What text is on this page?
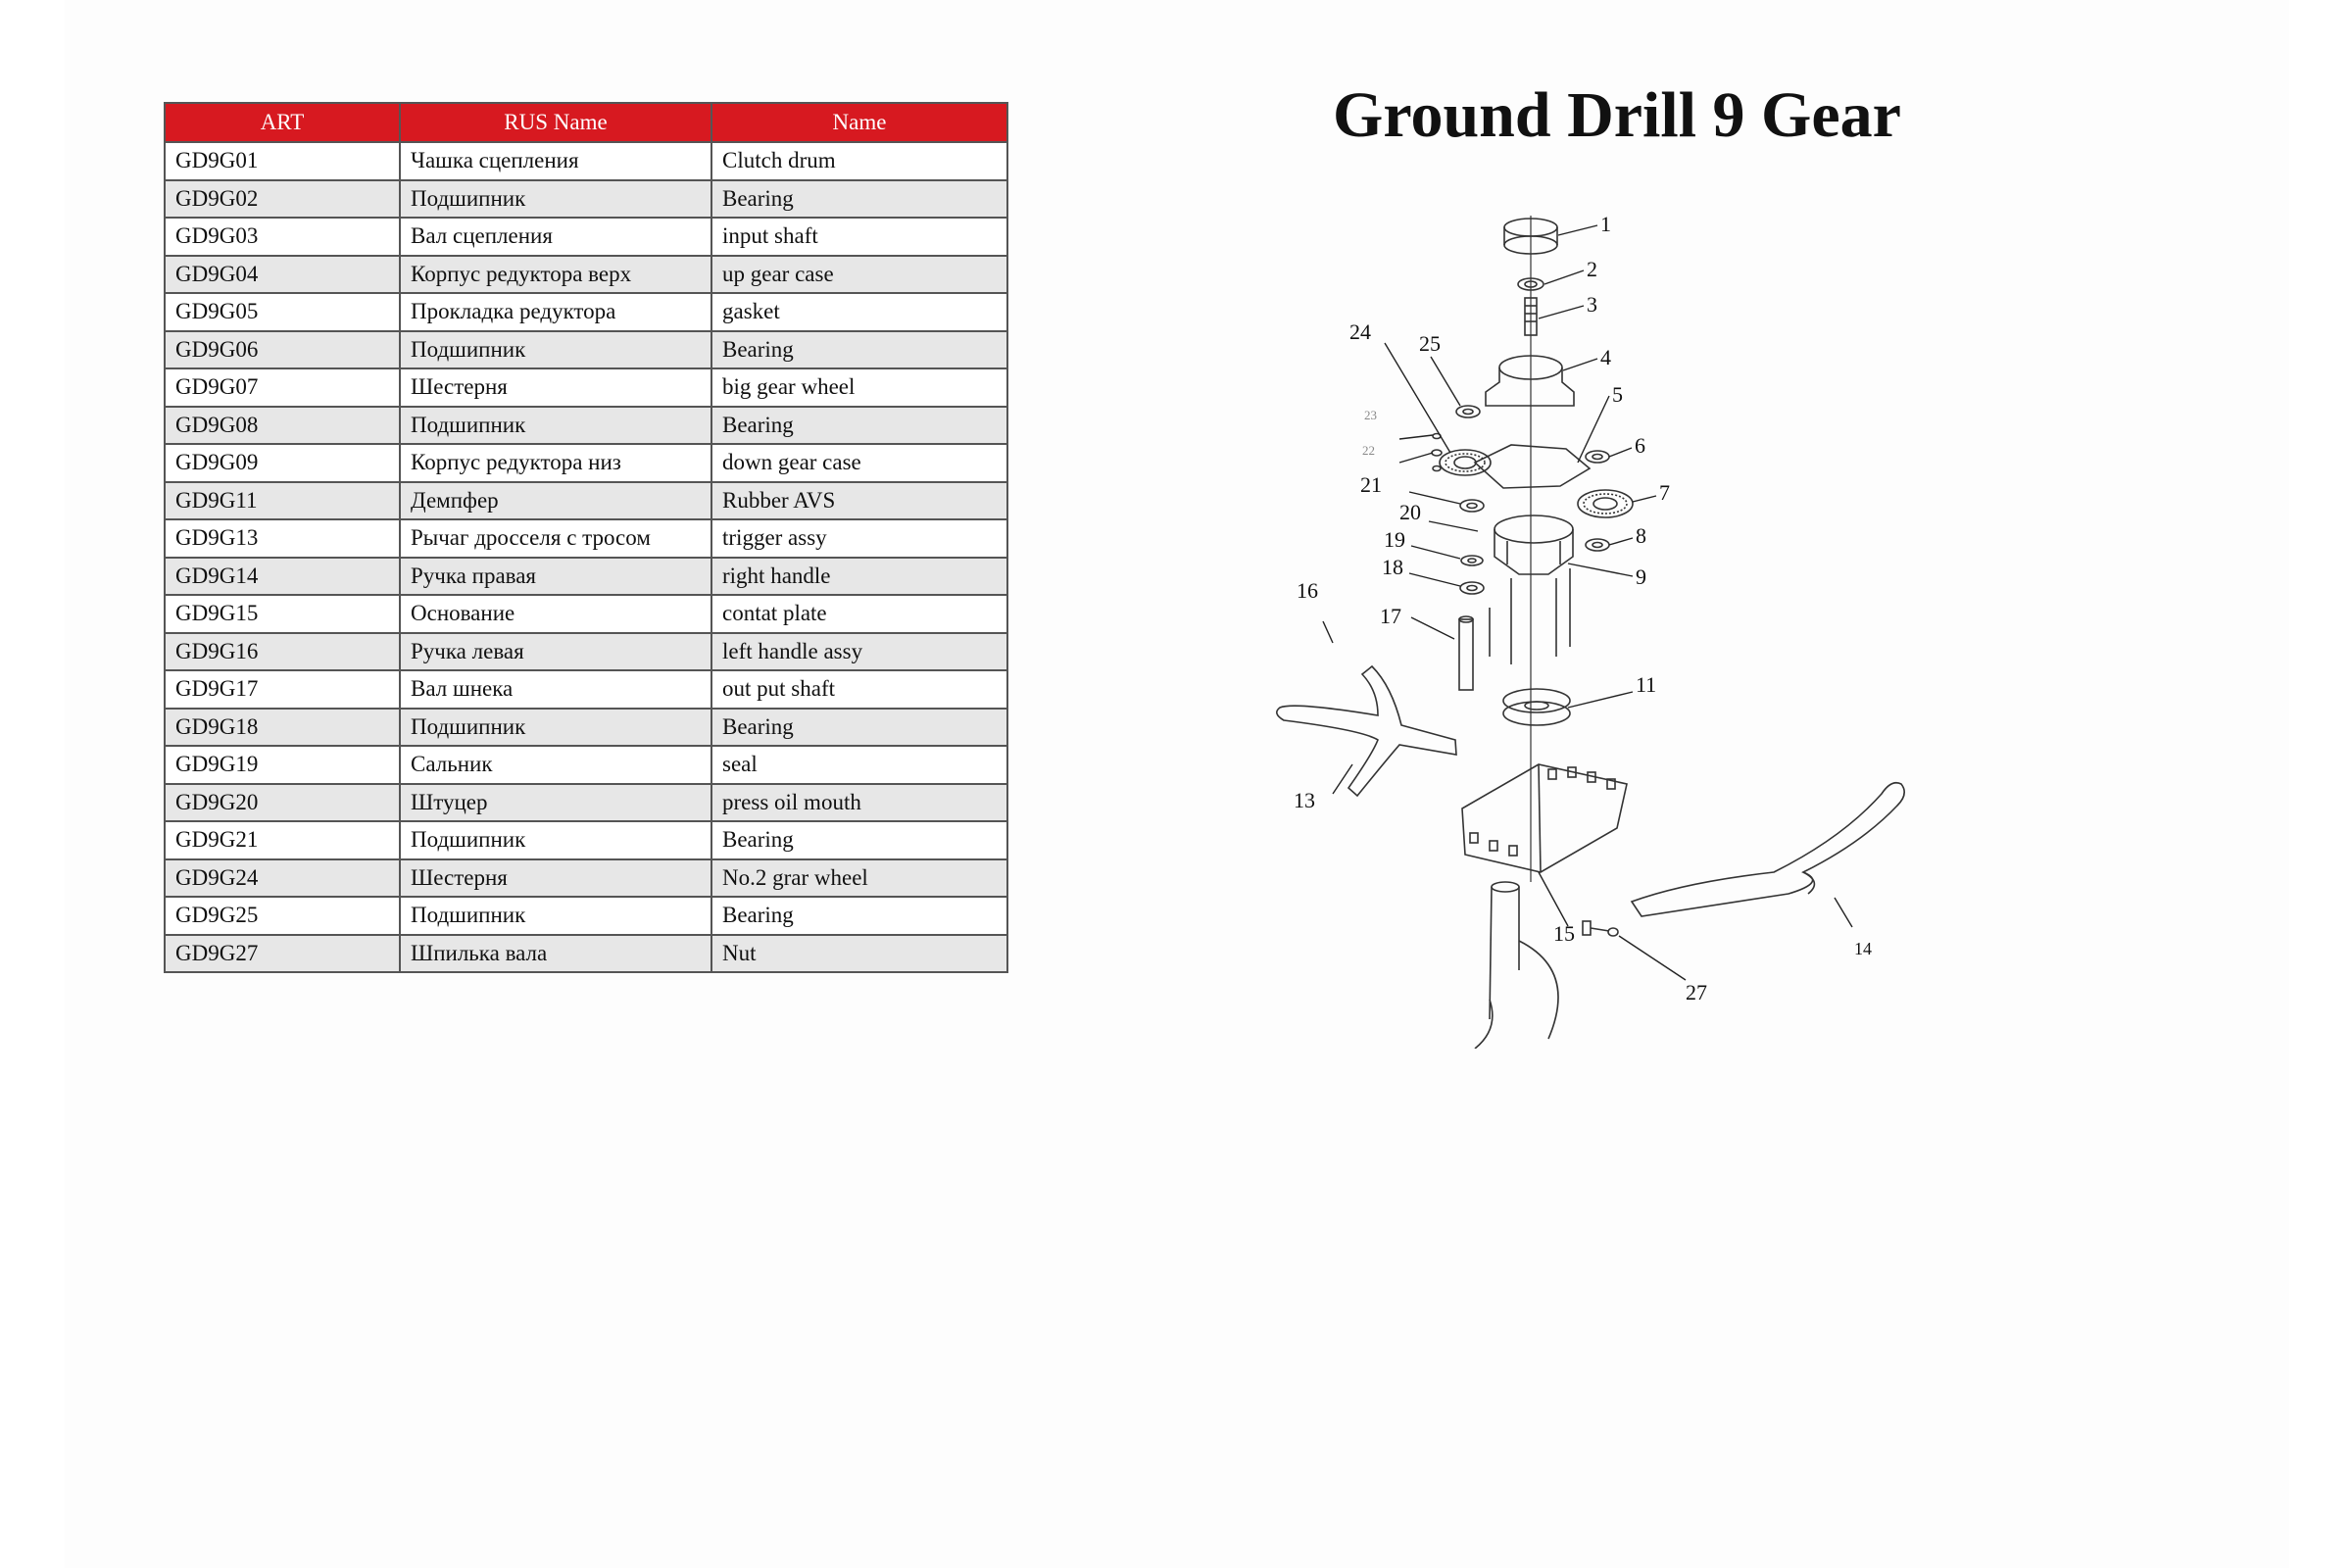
ART	RUS Name	Name
GD9G01	Чашка сцепления	Clutch drum
GD9G02	Подшипник	Bearing
GD9G03	Вал сцепления	input shaft
GD9G04	Корпус редуктора верх	up gear case
GD9G05	Прокладка редуктора	gasket
GD9G06	Подшипник	Bearing
GD9G07	Шестерня	big gear wheel
GD9G08	Подшипник	Bearing
GD9G09	Корпус редуктора низ	down gear case
GD9G11	Демпфер	Rubber AVS
GD9G13	Рычаг дросселя с тросом	trigger assy
GD9G14	Ручка правая	right handle
GD9G15	Основание	contat plate
GD9G16	Ручка левая	left handle assy
GD9G17	Вал шнека	out put shaft
GD9G18	Подшипник	Bearing
GD9G19	Сальник	seal
GD9G20	Штуцер	press oil mouth
GD9G21	Подшипник	Bearing
GD9G24	Шестерня	No.2 grar wheel
GD9G25	Подшипник	Bearing
GD9G27	Шпилька вала	Nut
Ground Drill 9 Gear
1
2
3
4
5
6
7
8
9
11
13
14
15
16
17
18
19
20
21
22
23
24 25
27
